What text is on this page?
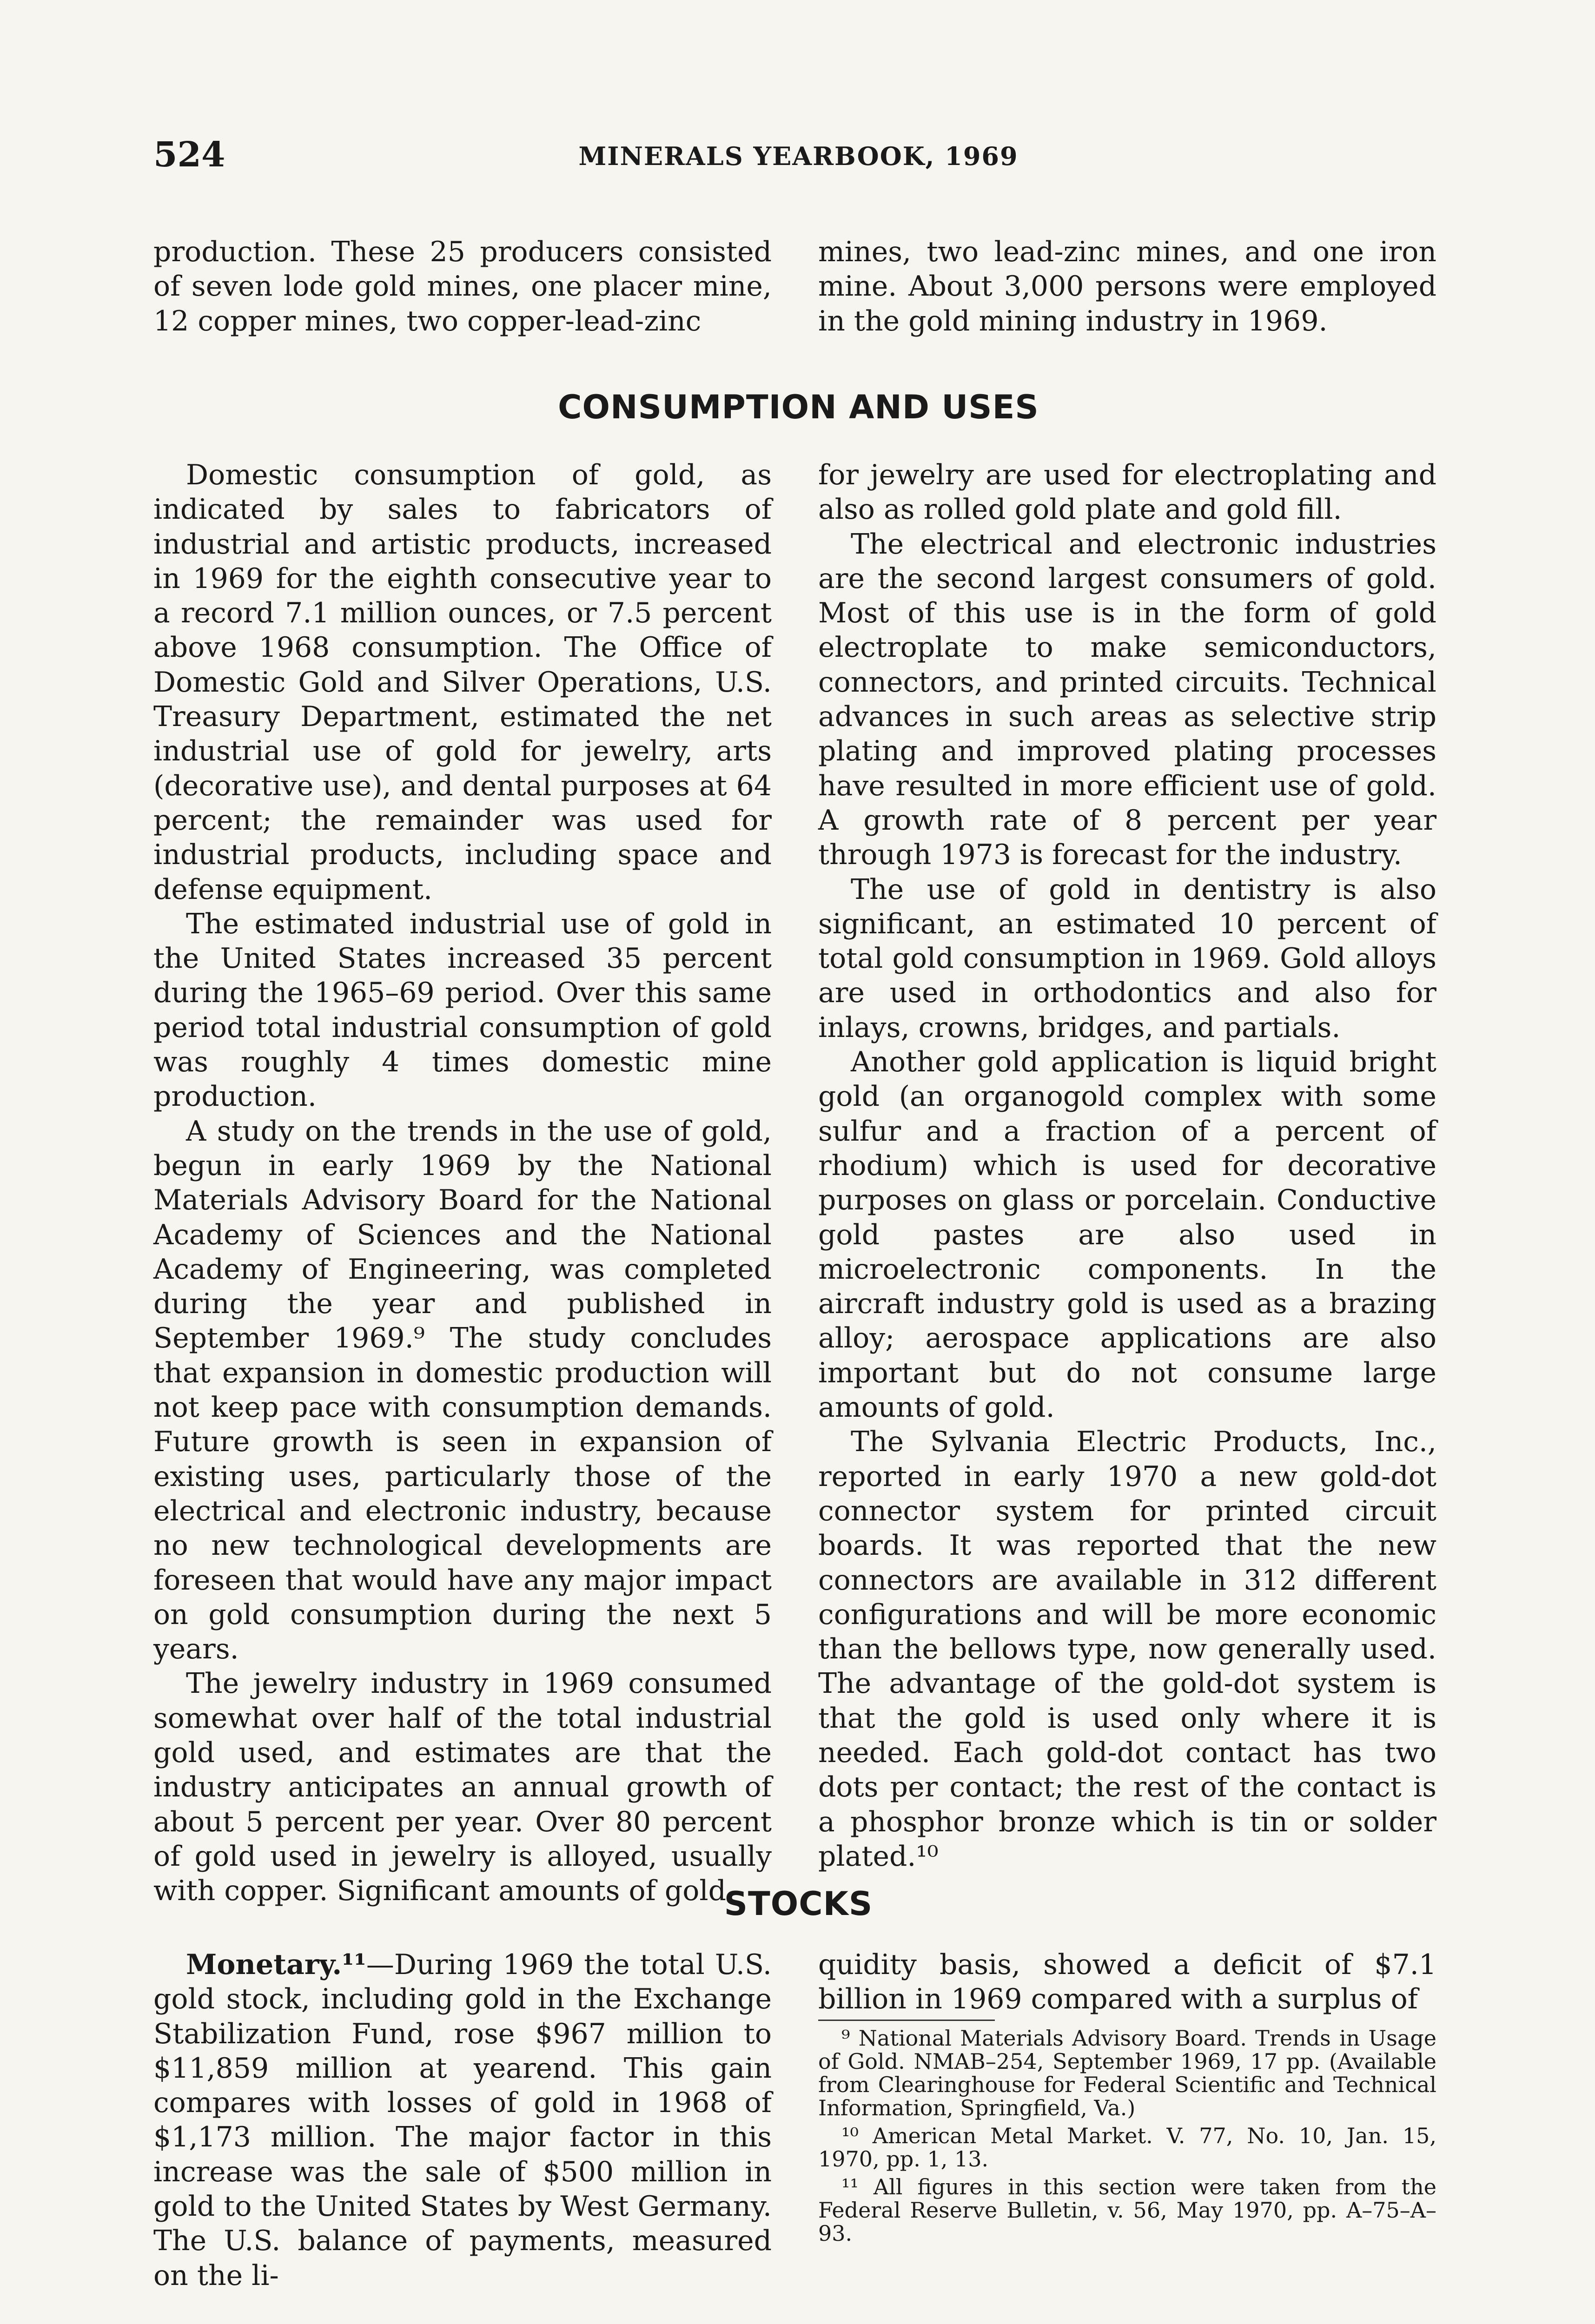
524	MINERALS YEARBOOK, 1969

production. These 25 producers consisted of seven lode gold mines, one placer mine, 12 copper mines, two copper-lead-zinc

mines, two lead-zinc mines, and one iron mine. About 3,000 persons were employed in the gold mining industry in 1969.

CONSUMPTION AND USES

Domestic consumption of gold, as indicated by sales to fabricators of industrial and artistic products, increased in 1969 for the eighth consecutive year to a record 7.1 million ounces, or 7.5 percent above 1968 consumption. The Office of Domestic Gold and Silver Operations, U.S. Treasury Department, estimated the net industrial use of gold for jewelry, arts (decorative use), and dental purposes at 64 percent; the remainder was used for industrial products, including space and defense equipment.

The estimated industrial use of gold in the United States increased 35 percent during the 1965–69 period. Over this same period total industrial consumption of gold was roughly 4 times domestic mine production.

A study on the trends in the use of gold, begun in early 1969 by the National Materials Advisory Board for the National Academy of Sciences and the National Academy of Engineering, was completed during the year and published in September 1969.⁹ The study concludes that expansion in domestic production will not keep pace with consumption demands. Future growth is seen in expansion of existing uses, particularly those of the electrical and electronic industry, because no new technological developments are foreseen that would have any major impact on gold consumption during the next 5 years.

The jewelry industry in 1969 consumed somewhat over half of the total industrial gold used, and estimates are that the industry anticipates an annual growth of about 5 percent per year. Over 80 percent of gold used in jewelry is alloyed, usually with copper. Significant amounts of gold

for jewelry are used for electroplating and also as rolled gold plate and gold fill.

The electrical and electronic industries are the second largest consumers of gold. Most of this use is in the form of gold electroplate to make semiconductors, connectors, and printed circuits. Technical advances in such areas as selective strip plating and improved plating processes have resulted in more efficient use of gold. A growth rate of 8 percent per year through 1973 is forecast for the industry.

The use of gold in dentistry is also significant, an estimated 10 percent of total gold consumption in 1969. Gold alloys are used in orthodontics and also for inlays, crowns, bridges, and partials.

Another gold application is liquid bright gold (an organogold complex with some sulfur and a fraction of a percent of rhodium) which is used for decorative purposes on glass or porcelain. Conductive gold pastes are also used in microelectronic components. In the aircraft industry gold is used as a brazing alloy; aerospace applications are also important but do not consume large amounts of gold.

The Sylvania Electric Products, Inc., reported in early 1970 a new gold-dot connector system for printed circuit boards. It was reported that the new connectors are available in 312 different configurations and will be more economic than the bellows type, now generally used. The advantage of the gold-dot system is that the gold is used only where it is needed. Each gold-dot contact has two dots per contact; the rest of the contact is a phosphor bronze which is tin or solder plated.¹⁰

STOCKS

Monetary.¹¹—During 1969 the total U.S. gold stock, including gold in the Exchange Stabilization Fund, rose $967 million to $11,859 million at yearend. This gain compares with losses of gold in 1968 of $1,173 million. The major factor in this increase was the sale of $500 million in gold to the United States by West Germany. The U.S. balance of payments, measured on the li-

quidity basis, showed a deficit of $7.1 billion in 1969 compared with a surplus of

⁹ National Materials Advisory Board. Trends in Usage of Gold. NMAB–254, September 1969, 17 pp. (Available from Clearinghouse for Federal Scientific and Technical Information, Springfield, Va.)

¹⁰ American Metal Market. V. 77, No. 10, Jan. 15, 1970, pp. 1, 13.

¹¹ All figures in this section were taken from the Federal Reserve Bulletin, v. 56, May 1970, pp. A–75–A–93.
